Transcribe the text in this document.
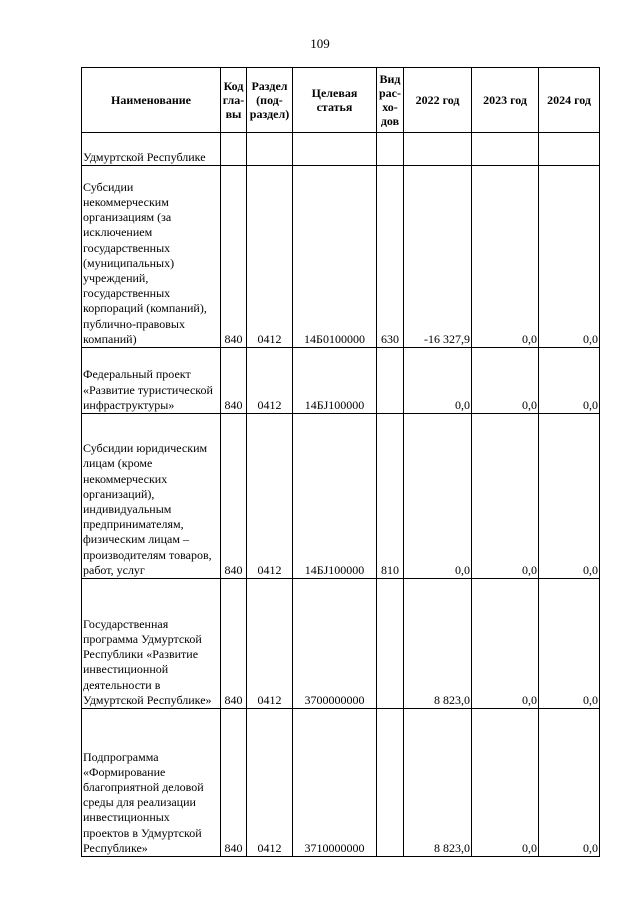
109
Наименование	Код гла-вы	Раздел (под-раздел)	Целевая статья	Вид рас-хо-дов	2022 год	2023 год	2024 год
Удмуртской Республике							
Субсидии некоммерческим организациям (за исключением государственных (муниципальных) учреждений, государственных корпораций (компаний), публично-правовых компаний)	840	0412	14Б0100000	630	-16 327,9	0,0	0,0
Федеральный проект «Развитие туристической инфраструктуры»	840	0412	14БJ100000		0,0	0,0	0,0
Субсидии юридическим лицам (кроме некоммерческих организаций), индивидуальным предпринимателям, физическим лицам – производителям товаров, работ, услуг	840	0412	14БJ100000	810	0,0	0,0	0,0
Государственная программа Удмуртской Республики «Развитие инвестиционной деятельности в Удмуртской Республике»	840	0412	3700000000		8 823,0	0,0	0,0
Подпрограмма «Формирование благоприятной деловой среды для реализации инвестиционных проектов в Удмуртской Республике»	840	0412	3710000000		8 823,0	0,0	0,0
